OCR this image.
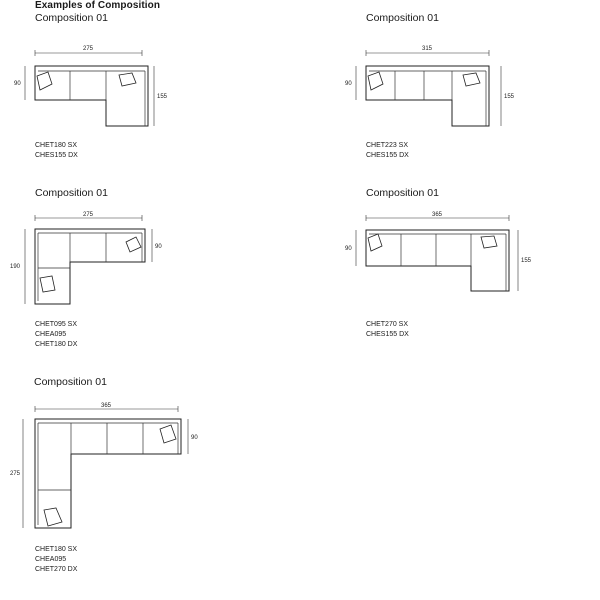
Examples of Composition
Composition 01
275
90
155
CHET180 SX
CHES155 DX
Composition 01
315
90
155
CHET223 SX
CHES155 DX
Composition 01
275
190
90
CHET095 SX
CHEA095
CHET180 DX
Composition 01
365
90
155
CHET270 SX
CHES155 DX
Composition 01
365
275
90
CHET180 SX
CHEA095
CHET270 DX
